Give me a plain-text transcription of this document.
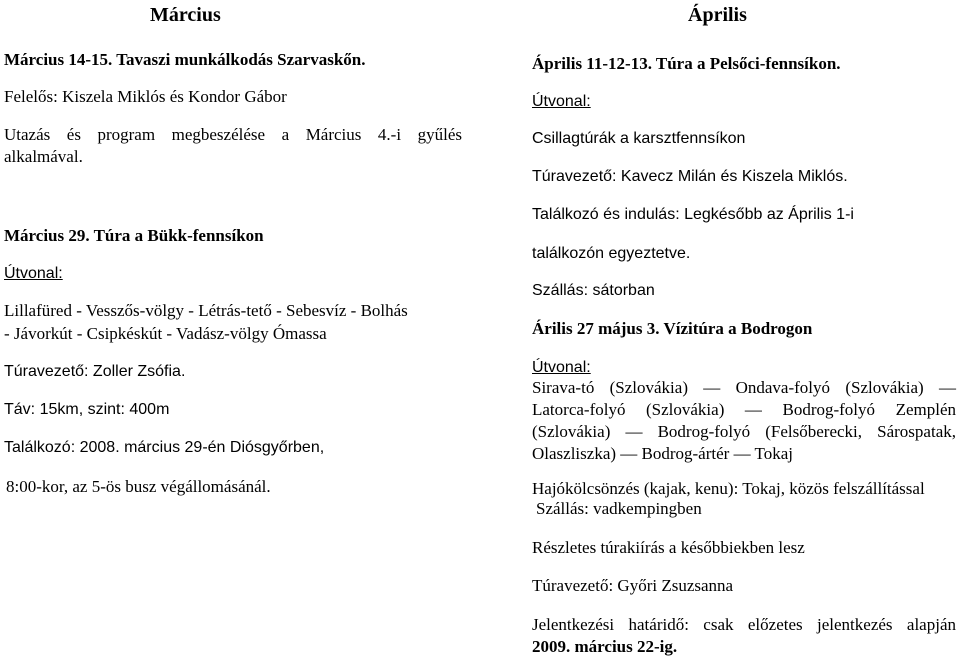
Március
Március 14-15. Tavaszi munkálkodás Szarvaskőn.
Felelős: Kiszela Miklós és Kondor Gábor
Utazás és program megbeszélése a Március 4.-i gyűlés
alkalmával.
Március 29. Túra a Bükk-fennsíkon
Útvonal:
Lillafüred - Vesszős-völgy - Létrás-tető - Sebesvíz - Bolhás
- Jávorkút - Csipkéskút - Vadász-völgy Ómassa
Túravezető: Zoller Zsófia.
Táv: 15km, szint: 400m
Találkozó: 2008. március 29-én Diósgyőrben,
8:00-kor, az 5-ös busz végállomásánál.
Április
Április 11-12-13. Túra a Pelsőci-fennsíkon.
Útvonal:
Csillagtúrák a karsztfennsíkon
Túravezető: Kavecz Milán és Kiszela Miklós.
Találkozó és indulás: Legkésőbb az Április 1-i
találkozón egyeztetve.
Szállás: sátorban
Árilis 27 május 3. Vízitúra a Bodrogon
Útvonal:
Sirava-tó (Szlovákia) — Ondava-folyó (Szlovákia) —
Latorca-folyó (Szlovákia) — Bodrog-folyó Zemplén
(Szlovákia) — Bodrog-folyó (Felsőberecki, Sárospatak,
Olaszliszka) — Bodrog-ártér — Tokaj
Hajókölcsönzés (kajak, kenu): Tokaj, közös felszállítással
Szállás: vadkempingben
Részletes túrakiírás a későbbiekben lesz
Túravezető: Győri Zsuzsanna
Jelentkezési határidő: csak előzetes jelentkezés alapján
2009. március 22-ig.
